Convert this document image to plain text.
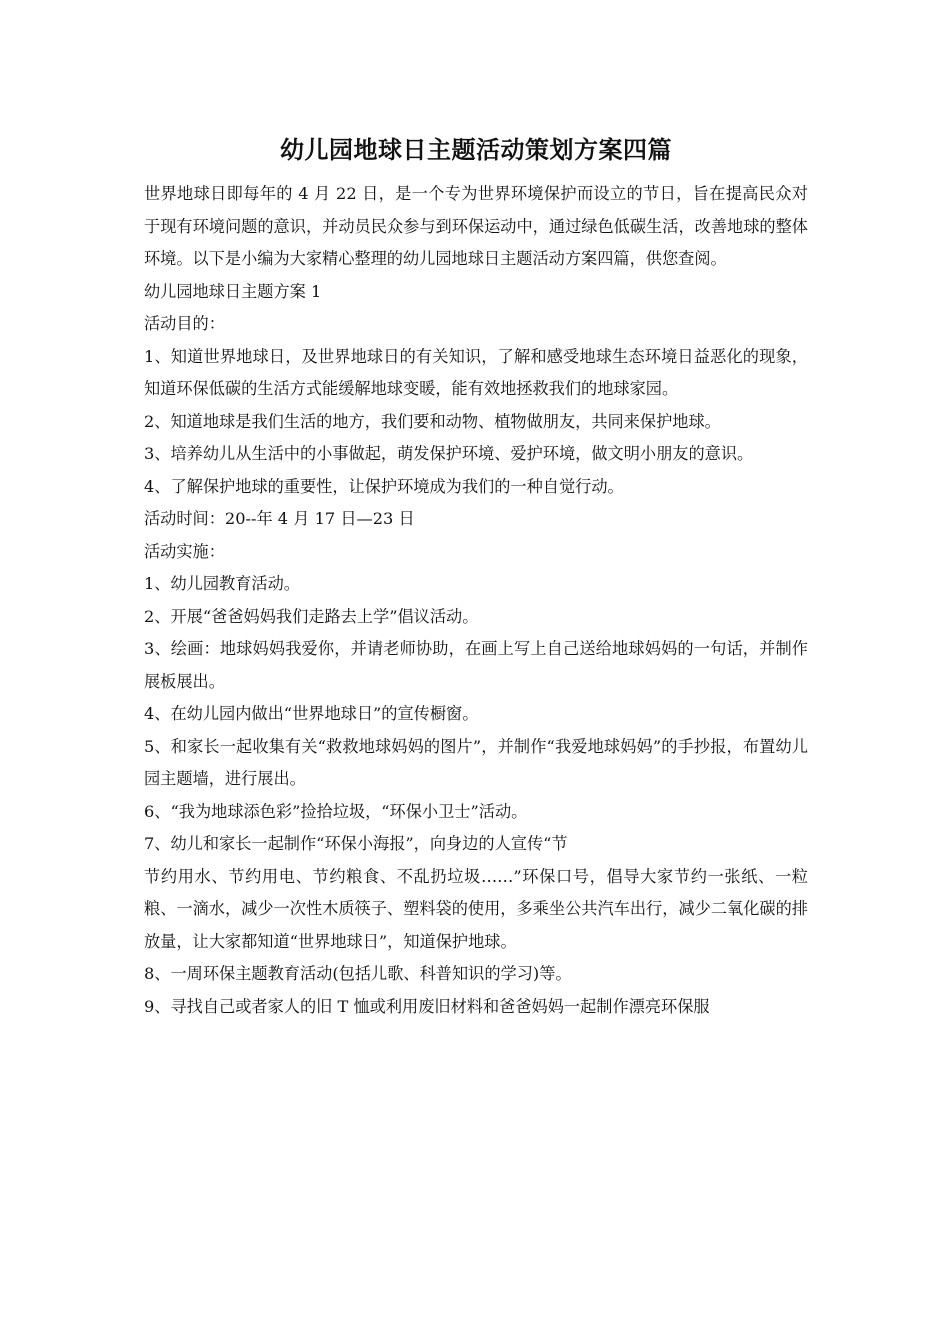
幼儿园地球日主题活动策划方案四篇

世界地球日即每年的 4 月 22 日，是一个专为世界环境保护而设立的节日，旨在提高民众对于现有环境问题的意识，并动员民众参与到环保运动中，通过绿色低碳生活，改善地球的整体环境。以下是小编为大家精心整理的幼儿园地球日主题活动方案四篇，供您查阅。

幼儿园地球日主题方案 1

活动目的：

1、知道世界地球日，及世界地球日的有关知识，了解和感受地球生态环境日益恶化的现象，知道环保低碳的生活方式能缓解地球变暖，能有效地拯救我们的地球家园。

2、知道地球是我们生活的地方，我们要和动物、植物做朋友，共同来保护地球。

3、培养幼儿从生活中的小事做起，萌发保护环境、爱护环境，做文明小朋友的意识。

4、了解保护地球的重要性，让保护环境成为我们的一种自觉行动。

活动时间：20--年 4 月 17 日—23 日

活动实施：

1、幼儿园教育活动。

2、开展“爸爸妈妈我们走路去上学”倡议活动。

3、绘画：地球妈妈我爱你，并请老师协助，在画上写上自己送给地球妈妈的一句话，并制作展板展出。

4、在幼儿园内做出“世界地球日”的宣传橱窗。

5、和家长一起收集有关“救救地球妈妈的图片”，并制作“我爱地球妈妈”的手抄报，布置幼儿园主题墙，进行展出。

6、“我为地球添色彩”捡拾垃圾，“环保小卫士”活动。

7、幼儿和家长一起制作“环保小海报”，向身边的人宣传“节

节约用水、节约用电、节约粮食、不乱扔垃圾……”环保口号，倡导大家节约一张纸、一粒粮、一滴水，减少一次性木质筷子、塑料袋的使用，多乘坐公共汽车出行，减少二氧化碳的排放量，让大家都知道“世界地球日”，知道保护地球。

8、一周环保主题教育活动(包括儿歌、科普知识的学习)等。

9、寻找自己或者家人的旧 T 恤或利用废旧材料和爸爸妈妈一起制作漂亮环保服
